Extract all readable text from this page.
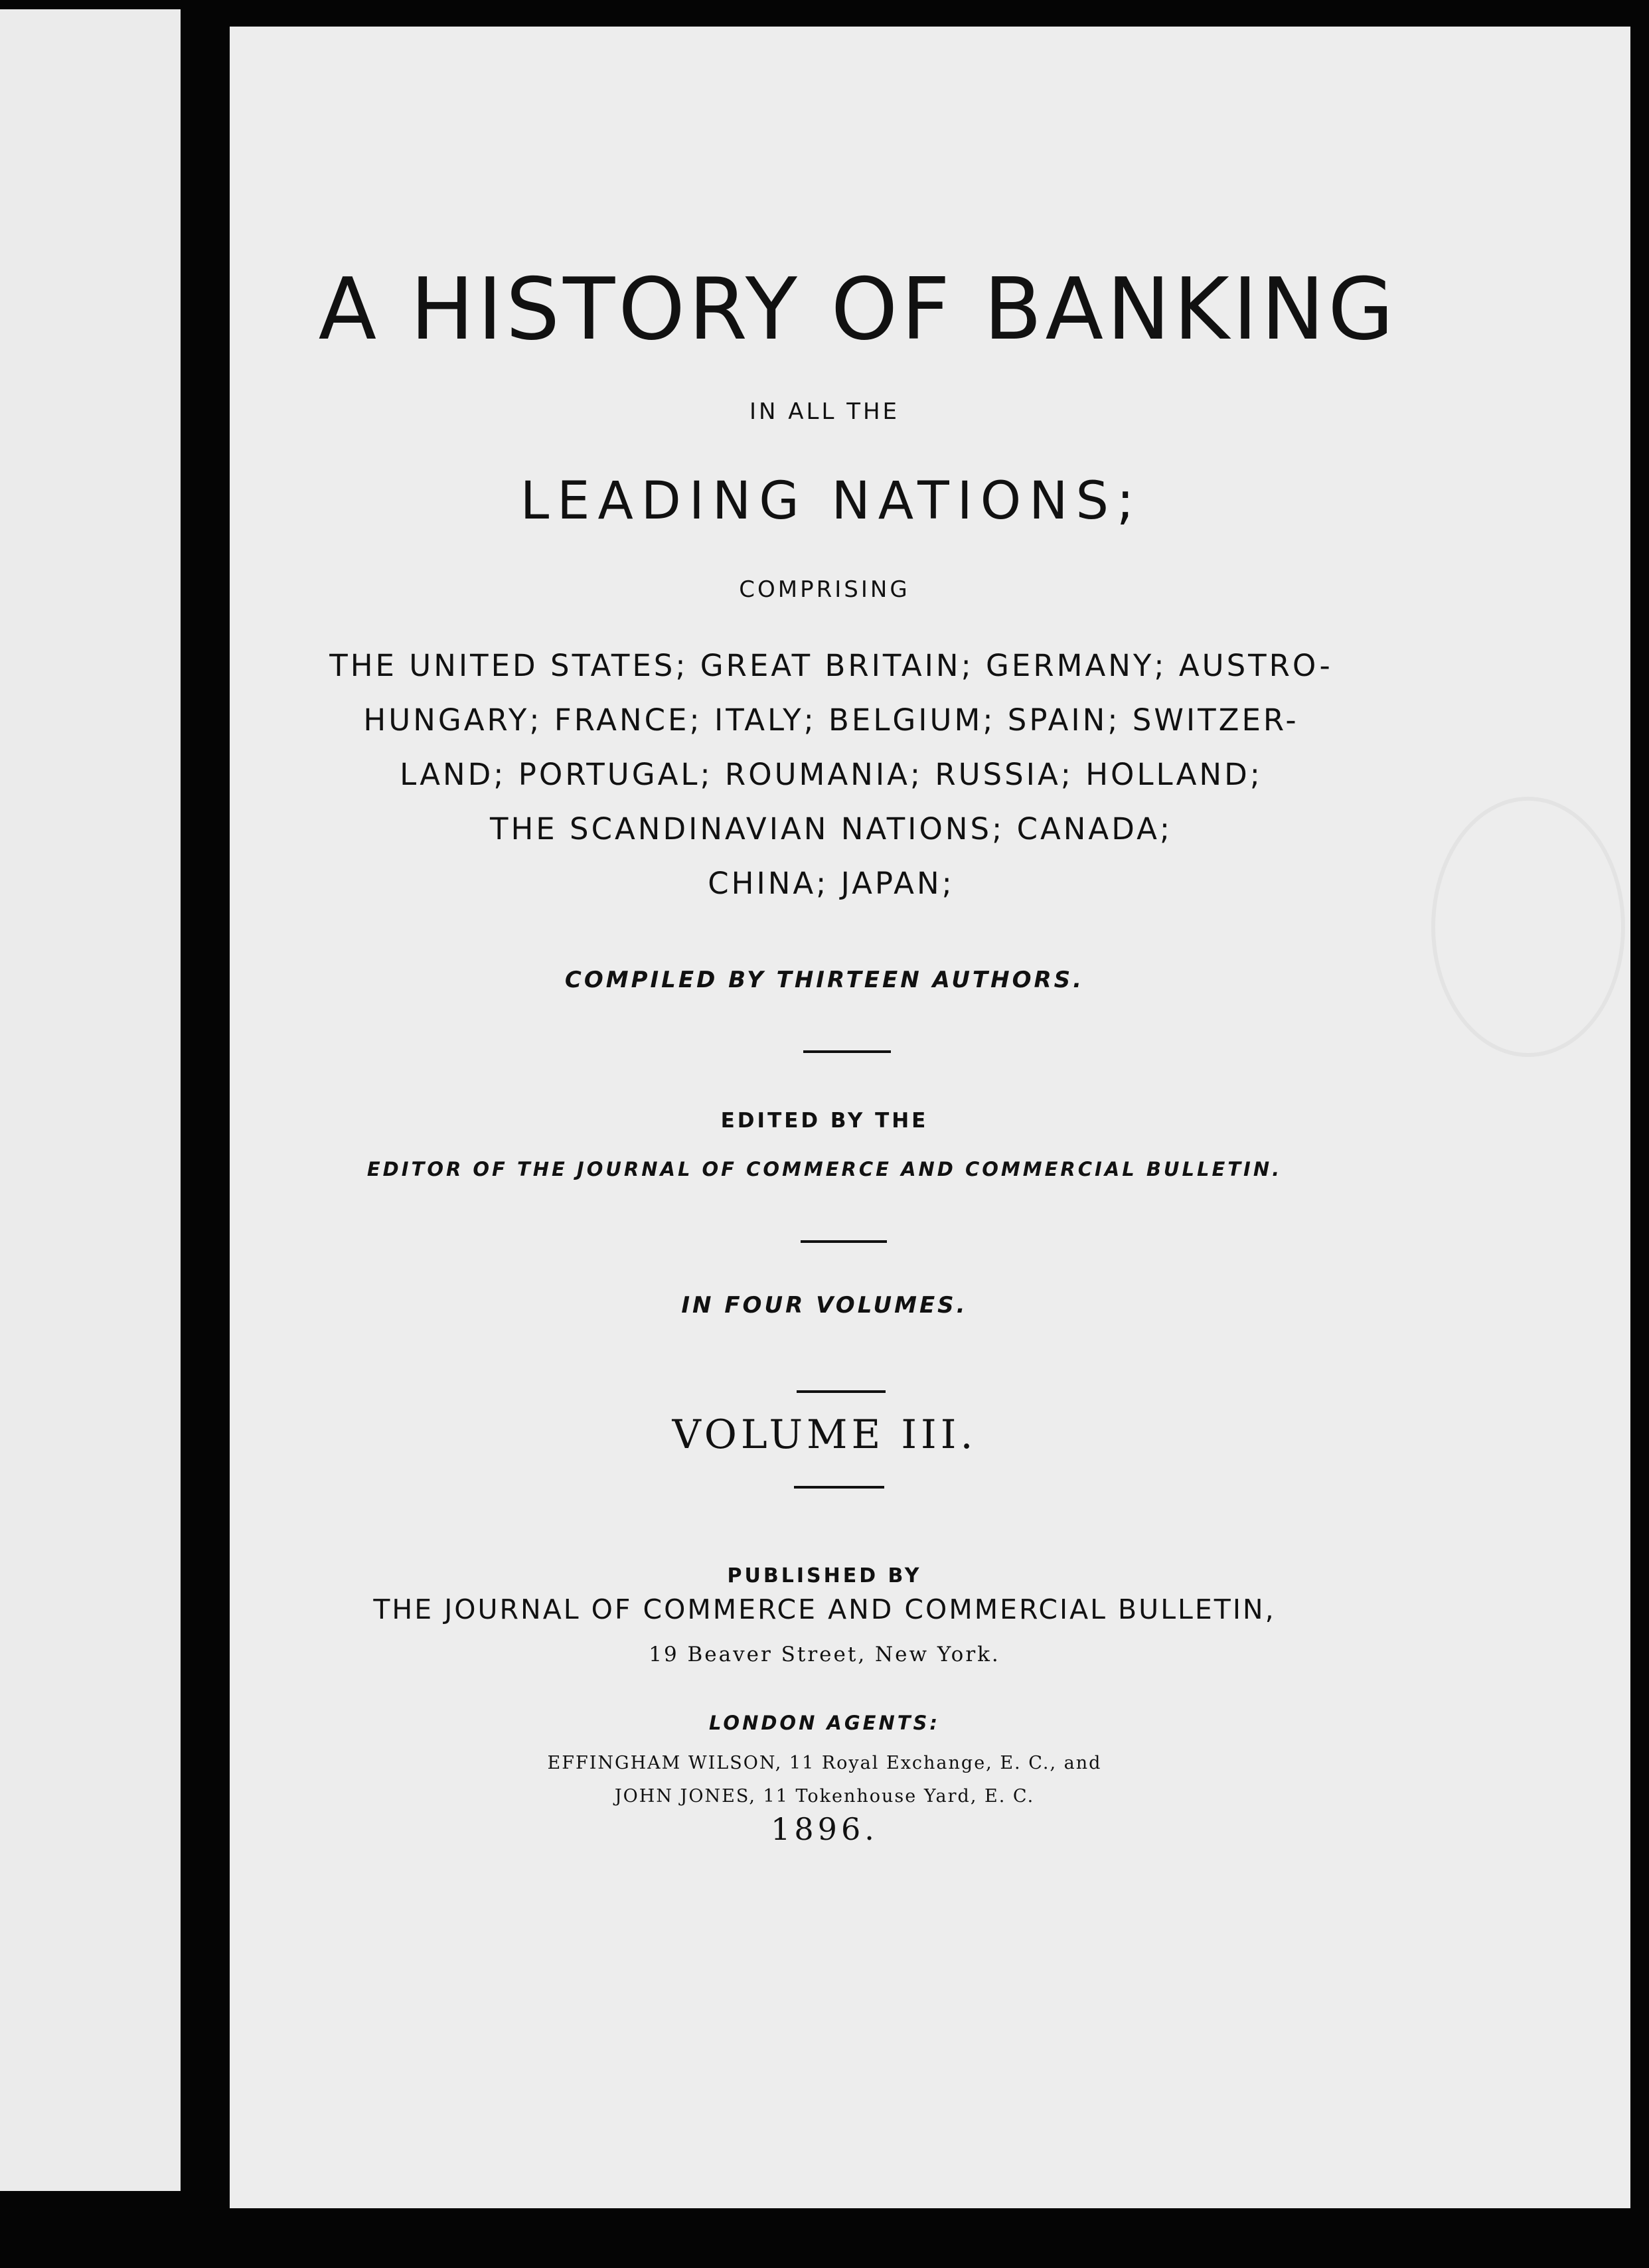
A HISTORY OF BANKING
IN ALL THE
LEADING NATIONS;
COMPRISING
THE UNITED STATES; GREAT BRITAIN; GERMANY; AUSTRO-
HUNGARY; FRANCE; ITALY; BELGIUM; SPAIN; SWITZER-
LAND; PORTUGAL; ROUMANIA; RUSSIA; HOLLAND;
THE SCANDINAVIAN NATIONS; CANADA;
CHINA; JAPAN;
COMPILED BY THIRTEEN AUTHORS.
EDITED BY THE
EDITOR OF THE JOURNAL OF COMMERCE AND COMMERCIAL BULLETIN.
IN FOUR VOLUMES.
VOLUME III.
PUBLISHED BY
THE JOURNAL OF COMMERCE AND COMMERCIAL BULLETIN,
19 Beaver Street, New York.
LONDON AGENTS:
EFFINGHAM WILSON, 11 Royal Exchange, E. C., and
JOHN JONES, 11 Tokenhouse Yard, E. C.
1896.
